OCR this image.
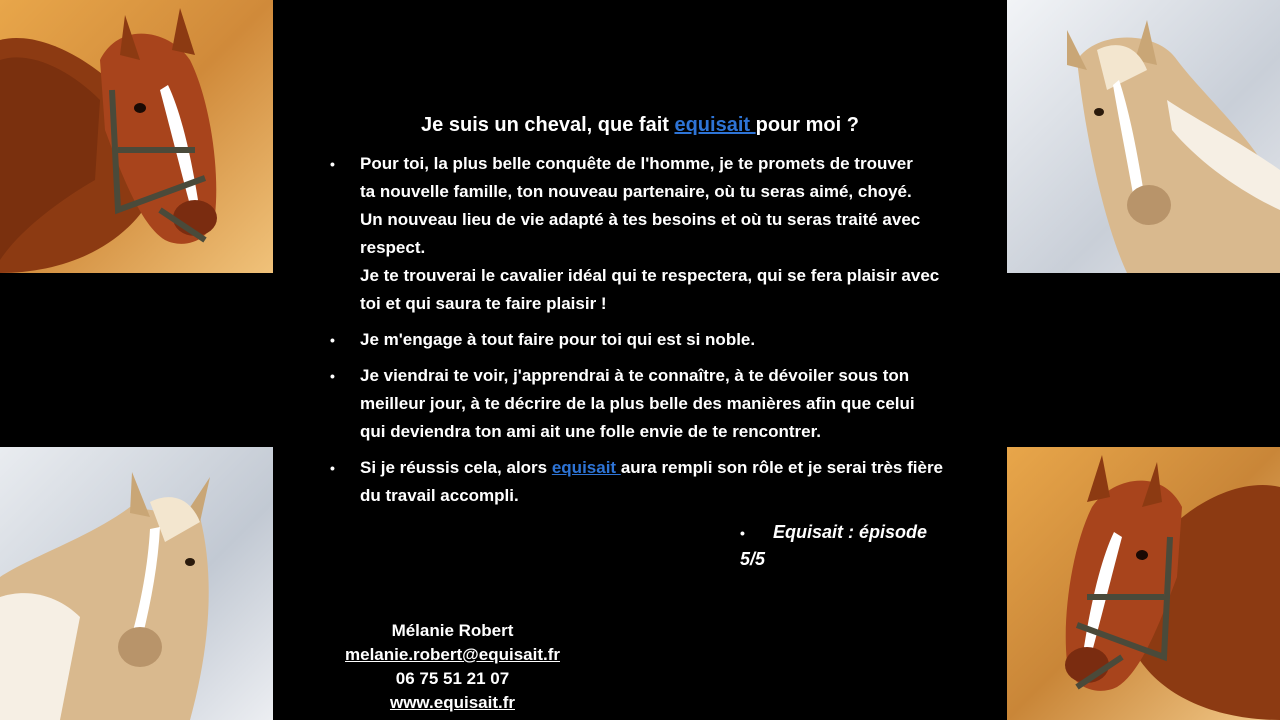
Je suis un cheval, que fait equisait pour moi ?
• Pour toi, la plus belle conquête de l'homme, je te promets de trouver
ta nouvelle famille, ton nouveau partenaire, où tu seras aimé, choyé.
Un nouveau lieu de vie adapté à tes besoins et où tu seras traité avec
respect.
Je te trouverai le cavalier idéal qui te respectera, qui se fera plaisir avec
toi et qui saura te faire plaisir !
• Je m'engage à tout faire pour toi qui est si noble.
• Je viendrai te voir, j'apprendrai à te connaître, à te dévoiler sous ton
meilleur jour, à te décrire de la plus belle des manières afin que celui
qui deviendra ton ami ait une folle envie de te rencontrer.
• Si je réussis cela, alors equisait aura rempli son rôle et je serai très fière
du travail accompli.
• Equisait : épisode 5/5
Mélanie Robert
melanie.robert@equisait.fr
06 75 51 21 07
www.equisait.fr
